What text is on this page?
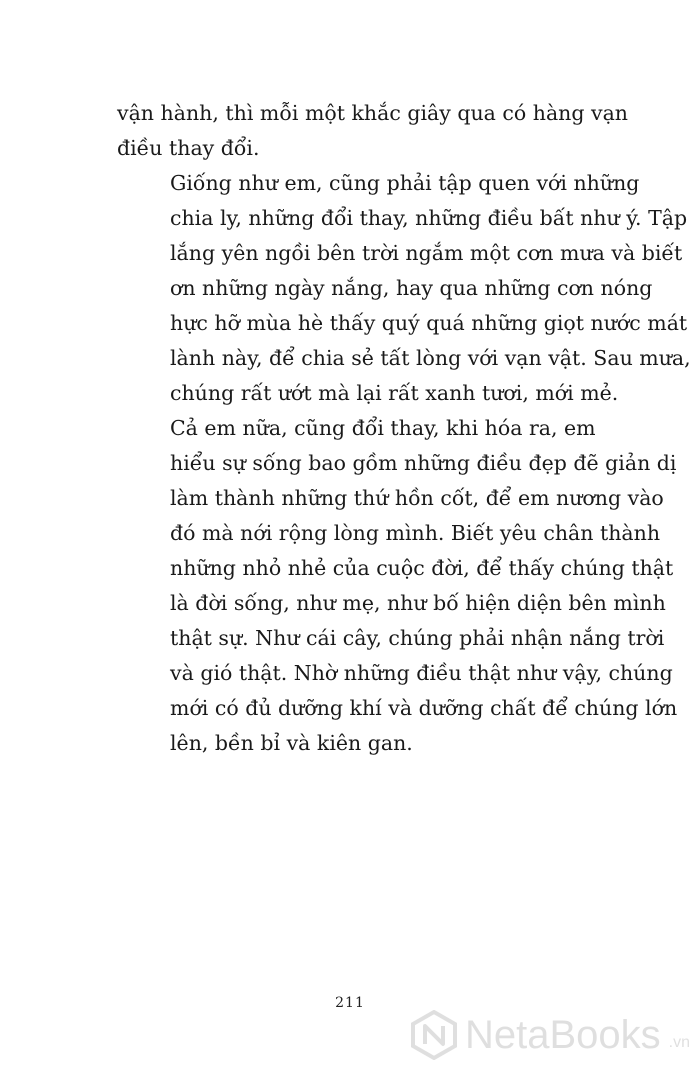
vận hành, thì mỗi một khắc giây qua có hàng vạn
điều thay đổi.

Giống như em, cũng phải tập quen với những
chia ly, những đổi thay, những điều bất như ý. Tập
lắng yên ngồi bên trời ngắm một cơn mưa và biết
ơn những ngày nắng, hay qua những cơn nóng
hực hỡ mùa hè thấy quý quá những giọt nước mát
lành này, để chia sẻ tất lòng với vạn vật. Sau mưa,
chúng rất ướt mà lại rất xanh tươi, mới mẻ.

Cả em nữa, cũng đổi thay, khi hóa ra, em
hiểu sự sống bao gồm những điều đẹp đẽ giản dị
làm thành những thứ hồn cốt, để em nương vào
đó mà nới rộng lòng mình. Biết yêu chân thành
những nhỏ nhẻ của cuộc đời, để thấy chúng thật
là đời sống, như mẹ, như bố hiện diện bên mình
thật sự. Như cái cây, chúng phải nhận nắng trời
và gió thật. Nhờ những điều thật như vậy, chúng
mới có đủ dưỡng khí và dưỡng chất để chúng lớn
lên, bền bỉ và kiên gan.

211
NetaBooks .vn
